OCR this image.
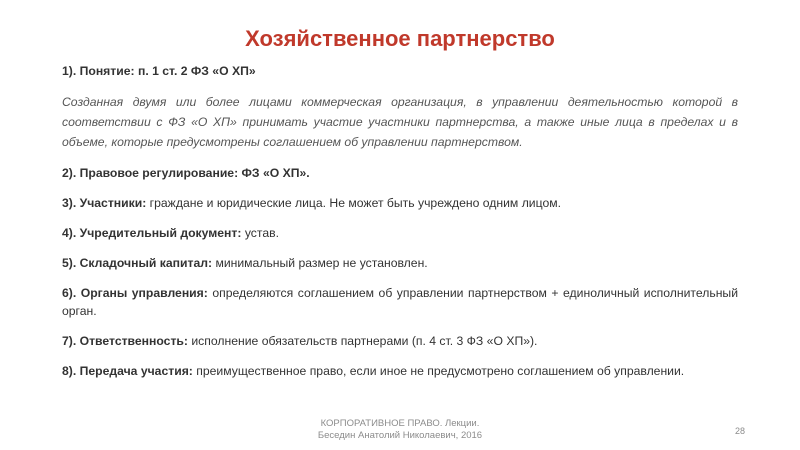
Хозяйственное партнерство
1). Понятие: п. 1 ст. 2 ФЗ «О ХП»
Созданная двумя или более лицами коммерческая организация, в управлении деятельностью которой в соответствии с ФЗ «О ХП» принимать участие участники партнерства, а также иные лица в пределах и в объеме, которые предусмотрены соглашением об управлении партнерством.
2). Правовое регулирование: ФЗ «О ХП».
3). Участники: граждане и юридические лица. Не может быть учреждено одним лицом.
4). Учредительный документ: устав.
5). Складочный капитал: минимальный размер не установлен.
6). Органы управления: определяются соглашением об управлении партнерством + единоличный исполнительный орган.
7). Ответственность: исполнение обязательств партнерами (п. 4 ст. 3 ФЗ «О ХП»).
8). Передача участия: преимущественное право, если иное не предусмотрено соглашением об управлении.
КОРПОРАТИВНОЕ ПРАВО. Лекции.
Беседин Анатолий Николаевич, 2016	28
